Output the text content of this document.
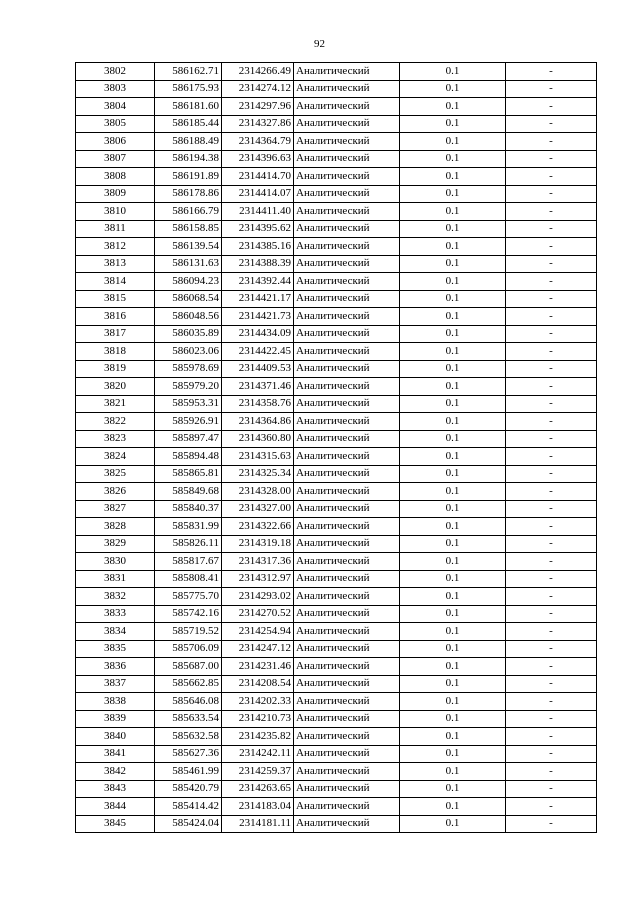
92
3802	586162.71	2314266.49	Аналитический	0.1	-
3803	586175.93	2314274.12	Аналитический	0.1	-
3804	586181.60	2314297.96	Аналитический	0.1	-
3805	586185.44	2314327.86	Аналитический	0.1	-
3806	586188.49	2314364.79	Аналитический	0.1	-
3807	586194.38	2314396.63	Аналитический	0.1	-
3808	586191.89	2314414.70	Аналитический	0.1	-
3809	586178.86	2314414.07	Аналитический	0.1	-
3810	586166.79	2314411.40	Аналитический	0.1	-
3811	586158.85	2314395.62	Аналитический	0.1	-
3812	586139.54	2314385.16	Аналитический	0.1	-
3813	586131.63	2314388.39	Аналитический	0.1	-
3814	586094.23	2314392.44	Аналитический	0.1	-
3815	586068.54	2314421.17	Аналитический	0.1	-
3816	586048.56	2314421.73	Аналитический	0.1	-
3817	586035.89	2314434.09	Аналитический	0.1	-
3818	586023.06	2314422.45	Аналитический	0.1	-
3819	585978.69	2314409.53	Аналитический	0.1	-
3820	585979.20	2314371.46	Аналитический	0.1	-
3821	585953.31	2314358.76	Аналитический	0.1	-
3822	585926.91	2314364.86	Аналитический	0.1	-
3823	585897.47	2314360.80	Аналитический	0.1	-
3824	585894.48	2314315.63	Аналитический	0.1	-
3825	585865.81	2314325.34	Аналитический	0.1	-
3826	585849.68	2314328.00	Аналитический	0.1	-
3827	585840.37	2314327.00	Аналитический	0.1	-
3828	585831.99	2314322.66	Аналитический	0.1	-
3829	585826.11	2314319.18	Аналитический	0.1	-
3830	585817.67	2314317.36	Аналитический	0.1	-
3831	585808.41	2314312.97	Аналитический	0.1	-
3832	585775.70	2314293.02	Аналитический	0.1	-
3833	585742.16	2314270.52	Аналитический	0.1	-
3834	585719.52	2314254.94	Аналитический	0.1	-
3835	585706.09	2314247.12	Аналитический	0.1	-
3836	585687.00	2314231.46	Аналитический	0.1	-
3837	585662.85	2314208.54	Аналитический	0.1	-
3838	585646.08	2314202.33	Аналитический	0.1	-
3839	585633.54	2314210.73	Аналитический	0.1	-
3840	585632.58	2314235.82	Аналитический	0.1	-
3841	585627.36	2314242.11	Аналитический	0.1	-
3842	585461.99	2314259.37	Аналитический	0.1	-
3843	585420.79	2314263.65	Аналитический	0.1	-
3844	585414.42	2314183.04	Аналитический	0.1	-
3845	585424.04	2314181.11	Аналитический	0.1	-
